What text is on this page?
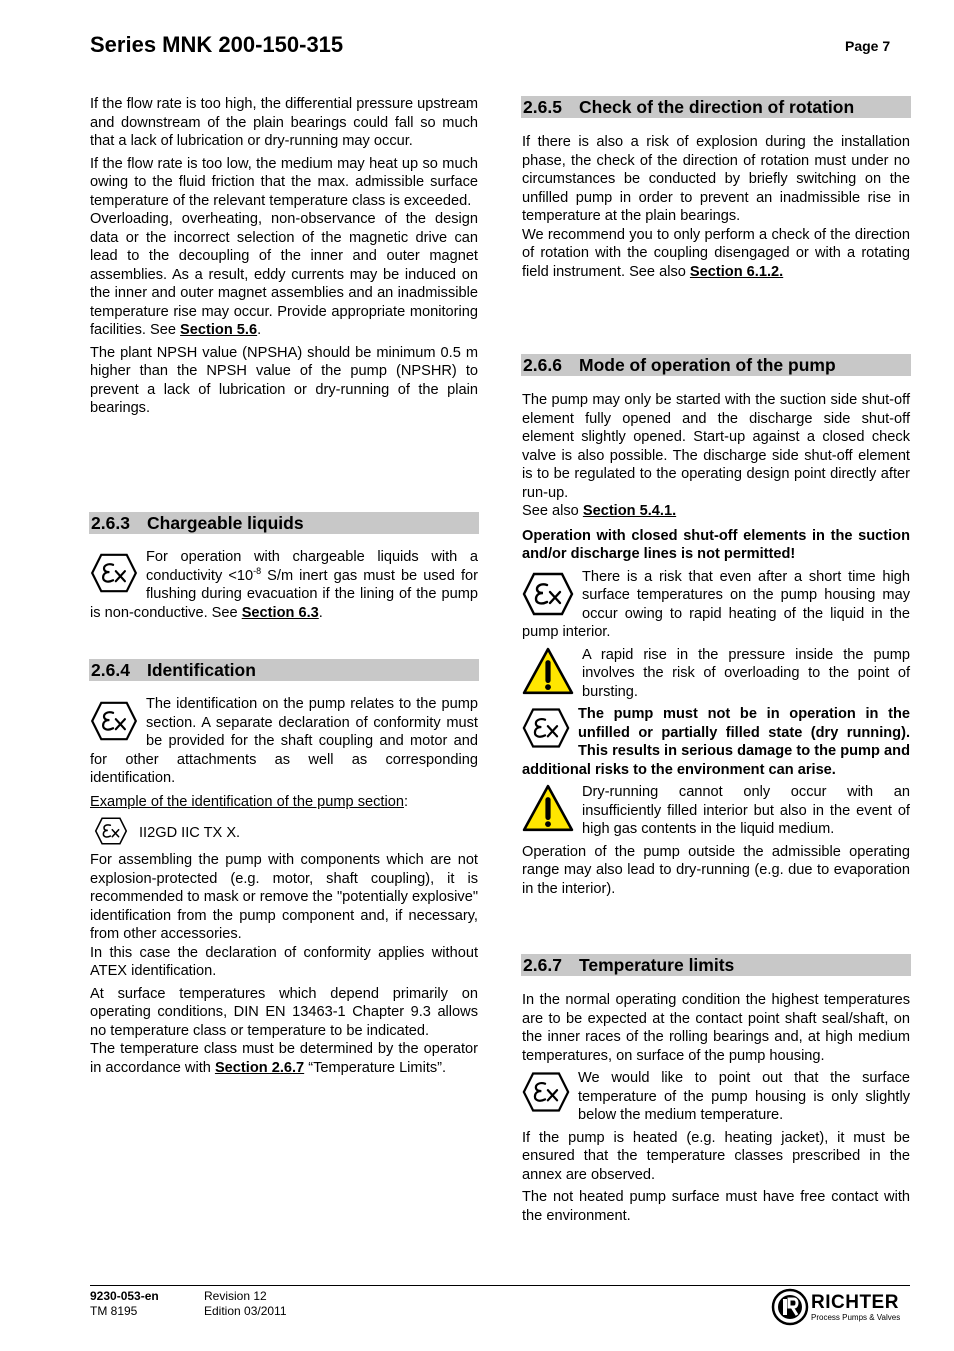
Series MNK 200-150-315	Page 7

If the flow rate is too high, the differential pressure upstream and downstream of the plain bearings could fall so much that a lack of lubrication or dry-running may occur.

If the flow rate is too low, the medium may heat up so much owing to the fluid friction that the max. admissible surface temperature of the relevant temperature class is exceeded.

Overloading, overheating, non-observance of the design data or the incorrect selection of the magnetic drive can lead to the decoupling of the inner and outer magnet assemblies. As a result, eddy currents may be induced on the inner and outer magnet assemblies and an inadmissible temperature rise may occur. Provide appropriate monitoring facilities. See Section 5.6.

The plant NPSH value (NPSHA) should be minimum 0.5 m higher than the NPSH value of the pump (NPSHR) to prevent a lack of lubrication or dry-running of the plain bearings.

2.6.3 Chargeable liquids

For operation with chargeable liquids with a conductivity $<10^{-8}$ S/m inert gas must be used for flushing during evacuation if the lining of the pump is non-conductive. See Section 6.3.

2.6.4 Identification

The identification on the pump relates to the pump section. A separate declaration of conformity must be provided for the shaft coupling and motor and for other attachments as well as corresponding identification.

Example of the identification of the pump section:

II2GD IIC TX X.

For assembling the pump with components which are not explosion-protected (e.g. motor, shaft coupling), it is recommended to mask or remove the "potentially explosive" identification from the pump component and, if necessary, from other accessories.

In this case the declaration of conformity applies without ATEX identification.

At surface temperatures which depend primarily on operating conditions, DIN EN 13463-1 Chapter 9.3 allows no temperature class or temperature to be indicated.

The temperature class must be determined by the operator in accordance with Section 2.6.7 “Temperature Limits”.

2.6.5 Check of the direction of rotation

If there is also a risk of explosion during the installation phase, the check of the direction of rotation must under no circumstances be conducted by briefly switching on the unfilled pump in order to prevent an inadmissible rise in temperature at the plain bearings.

We recommend you to only perform a check of the direction of rotation with the coupling disengaged or with a rotating field instrument. See also Section 6.1.2.

2.6.6 Mode of operation of the pump

The pump may only be started with the suction side shut-off element fully opened and the discharge side shut-off element slightly opened. Start-up against a closed check valve is also possible. The discharge side shut-off element is to be regulated to the operating design point directly after run-up.

See also Section 5.4.1.

Operation with closed shut-off elements in the suction and/or discharge lines is not permitted!

There is a risk that even after a short time high surface temperatures on the pump housing may occur owing to rapid heating of the liquid in the pump interior.

A rapid rise in the pressure inside the pump involves the risk of overloading to the point of bursting.

The pump must not be in operation in the unfilled or partially filled state (dry running). This results in serious damage to the pump and additional risks to the environment can arise.

Dry-running cannot only occur with an insufficiently filled interior but also in the event of high gas contents in the liquid medium.

Operation of the pump outside the admissible operating range may also lead to dry-running (e.g. due to evaporation in the interior).

2.6.7 Temperature limits

In the normal operating condition the highest temperatures are to be expected at the contact point shaft seal/shaft, on the inner races of the rolling bearings and, at high medium temperatures, on surface of the pump housing.

We would like to point out that the surface temperature of the pump housing is only slightly below the medium temperature.

If the pump is heated (e.g. heating jacket), it must be ensured that the temperature classes prescribed in the annex are observed.

The not heated pump surface must have free contact with the environment.

9230-053-en
TM 8195
Revision 12
Edition 03/2011	RICHTER
Process Pumps & Valves
